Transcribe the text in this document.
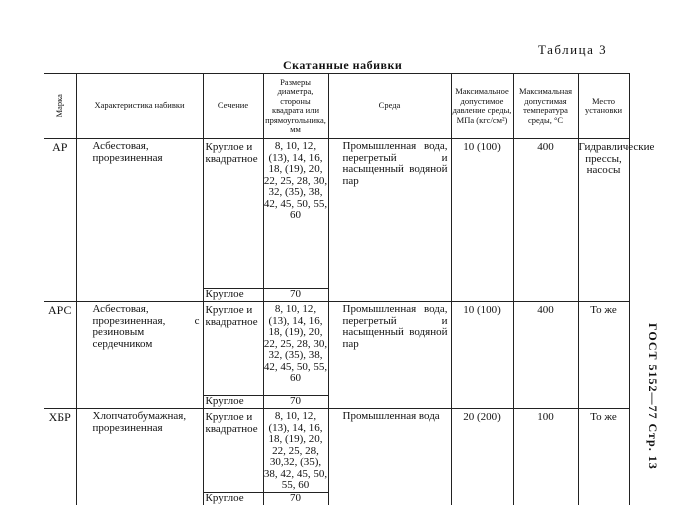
Таблица 3
Скатанные набивки
ГОСТ 5152—77 Стр. 13
Марка	Характеристика набивки	Сечение	Размеры диаметра, стороны квадрата или прямоугольника, мм	Среда	Максимальное допустимое давление среды, МПа (кгс/см²)	Максимальная допустимая температура среды, °С	Место установки
АР	Асбестовая, прорезиненная	Круглое и квадратное	8, 10, 12, (13), 14, 16, 18, (19), 20, 22, 25, 28, 30, 32, (35), 38, 42, 45, 50, 55, 60	Промышленная вода, перегретый и насыщенный водяной пар	10 (100)	400	Гидравлические прессы, насосы
		Круглое	70				
АРС	Асбестовая, прорезиненная, с резиновым сердечником	Круглое и квадратное	8, 10, 12, (13), 14, 16, 18, (19), 20, 22, 25, 28, 30, 32, (35), 38, 42, 45, 50, 55, 60	Промышленная вода, перегретый и насыщенный водяной пар	10 (100)	400	То же
		Круглое	70				
ХБР	Хлопчатобумажная, прорезиненная	Круглое и квадратное	8, 10, 12, (13), 14, 16, 18, (19), 20, 22, 25, 28, 30,32, (35), 38, 42, 45, 50, 55, 60	Промышленная вода	20 (200)	100	То же
		Круглое	70				
